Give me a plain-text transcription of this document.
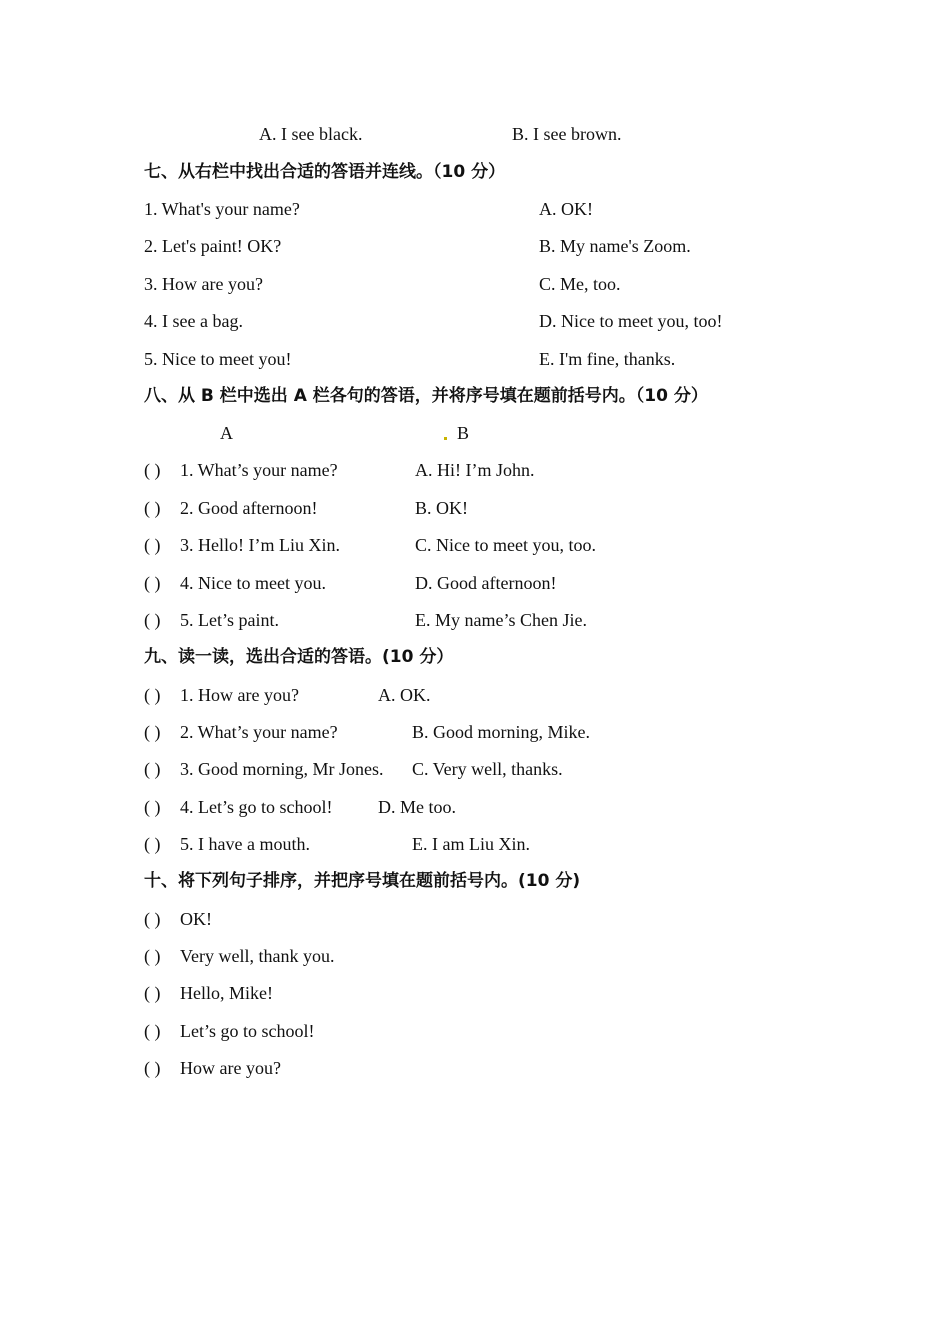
A. I see black.	B. I see brown.
七、从右栏中找出合适的答语并连线。（10 分）
1. What's your name?	A. OK!
2. Let's paint! OK?	B. My name's Zoom.
3. How are you?	C. Me, too.
4. I see a bag.	D. Nice to meet you, too!
5. Nice to meet you!	E. I'm fine, thanks.
八、从 B 栏中选出 A 栏各句的答语，并将序号填在题前括号内。（10 分）
A	B
( ) 1. What’s your name?	A. Hi! I’m John.
( ) 2. Good afternoon!	B. OK!
( ) 3. Hello! I’m Liu Xin.	C. Nice to meet you, too.
( ) 4. Nice to meet you.	D. Good afternoon!
( ) 5. Let’s paint.	E. My name’s Chen Jie.
九、读一读，选出合适的答语。(10 分）
( ) 1. How are you?	A. OK.
( ) 2. What’s your name?	B. Good morning, Mike.
( ) 3. Good morning, Mr Jones. C. Very well, thanks.
( ) 4. Let’s go to school!	D. Me too.
( ) 5. I have a mouth.	E. I am Liu Xin.
十、将下列句子排序，并把序号填在题前括号内。(10 分)
( ) OK!
( ) Very well, thank you.
( ) Hello, Mike!
( ) Let’s go to school!
( ) How are you?
